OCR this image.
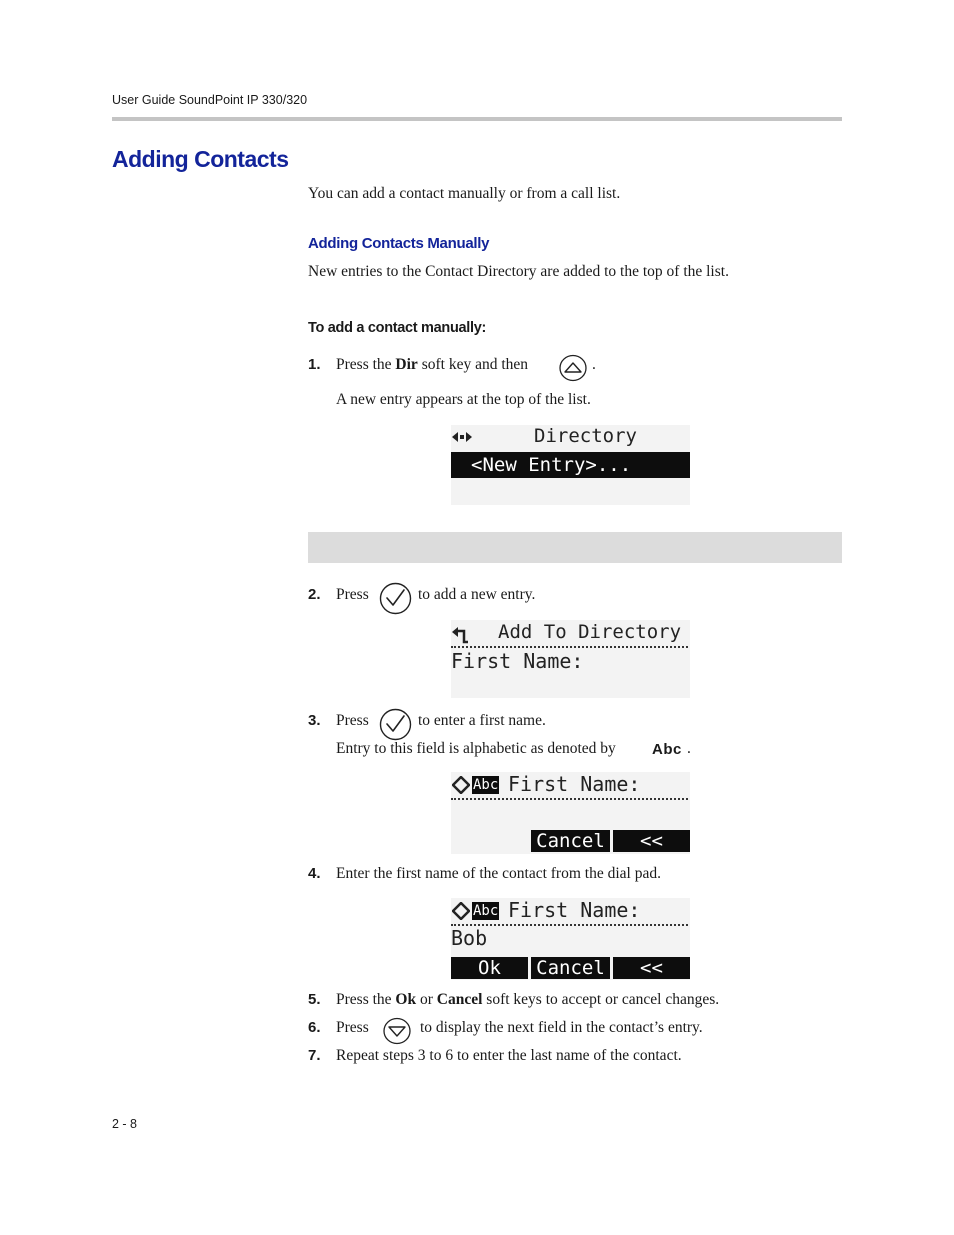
User Guide SoundPoint IP 330/320
Adding Contacts
You can add a contact manually or from a call list.
Adding Contacts Manually
New entries to the Contact Directory are added to the top of the list.
To add a contact manually:
1. Press the Dir soft key and then	.
A new entry appears at the top of the list.
Directory
<New Entry>...
2. Press	to add a new entry.
Add To Directory
First Name:
3. Press	to enter a first name.
Entry to this field is alphabetic as denoted by Abc .
Abc First Name:
Cancel	<<
4. Enter the first name of the contact from the dial pad.
Abc First Name:
Bob
Ok	Cancel	<<
5. Press the Ok or Cancel soft keys to accept or cancel changes.
6. Press	to display the next field in the contact’s entry.
7. Repeat steps 3 to 6 to enter the last name of the contact.
2 - 8
